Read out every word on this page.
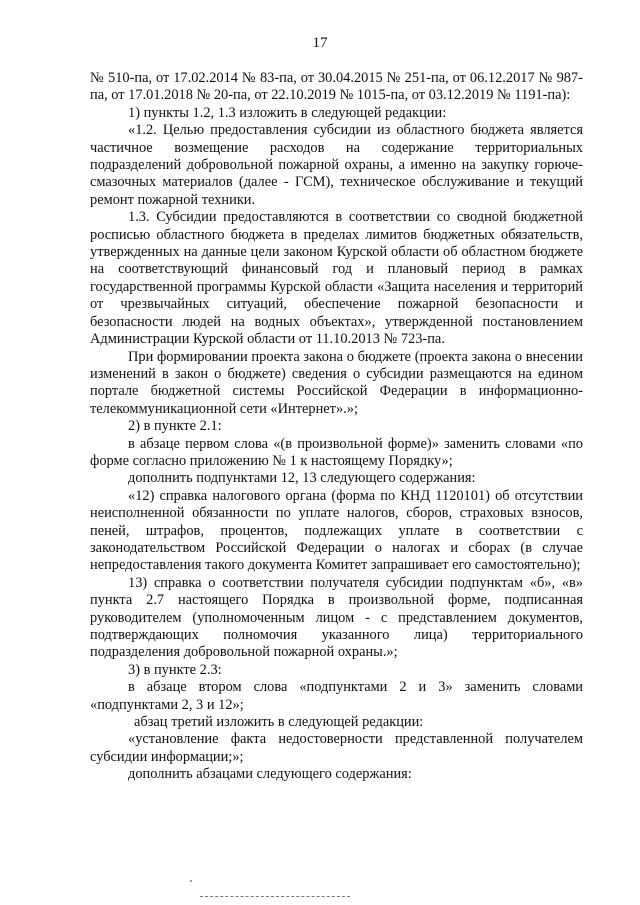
17

№ 510-па, от 17.02.2014 № 83-па, от 30.04.2015 № 251-па, от 06.12.2017 № 987-па, от 17.01.2018 № 20-па, от 22.10.2019 № 1015-па, от 03.12.2019 № 1191-па):

1) пункты 1.2, 1.3 изложить в следующей редакции:

«1.2. Целью предоставления субсидии из областного бюджета является частичное возмещение расходов на содержание территориальных подразделений добровольной пожарной охраны, а именно на закупку горюче-смазочных материалов (далее - ГСМ), техническое обслуживание и текущий ремонт пожарной техники.

1.3. Субсидии предоставляются в соответствии со сводной бюджетной росписью областного бюджета в пределах лимитов бюджетных обязательств, утвержденных на данные цели законом Курской области об областном бюджете на соответствующий финансовый год и плановый период в рамках государственной программы Курской области «Защита населения и территорий от чрезвычайных ситуаций, обеспечение пожарной безопасности и безопасности людей на водных объектах», утвержденной постановлением Администрации Курской области от 11.10.2013 № 723-па.

При формировании проекта закона о бюджете (проекта закона о внесении изменений в закон о бюджете) сведения о субсидии размещаются на едином портале бюджетной системы Российской Федерации в информационно-телекоммуникационной сети «Интернет».»;

2) в пункте 2.1:

в абзаце первом слова «(в произвольной форме)» заменить словами «по форме согласно приложению № 1 к настоящему Порядку»;

дополнить подпунктами 12, 13 следующего содержания:

«12) справка налогового органа (форма по КНД 1120101) об отсутствии неисполненной обязанности по уплате налогов, сборов, страховых взносов, пеней, штрафов, процентов, подлежащих уплате в соответствии с законодательством Российской Федерации о налогах и сборах (в случае непредоставления такого документа Комитет запрашивает его самостоятельно);

13) справка о соответствии получателя субсидии подпунктам «б», «в» пункта 2.7 настоящего Порядка в произвольной форме, подписанная руководителем (уполномоченным лицом - с представлением документов, подтверждающих полномочия указанного лица) территориального подразделения добровольной пожарной охраны.»;

3) в пункте 2.3:

в абзаце втором слова «подпунктами 2 и 3» заменить словами «подпунктами 2, 3 и 12»;

абзац третий изложить в следующей редакции:

«установление факта недостоверности представленной получателем субсидии информации;»;

дополнить абзацами следующего содержания:
